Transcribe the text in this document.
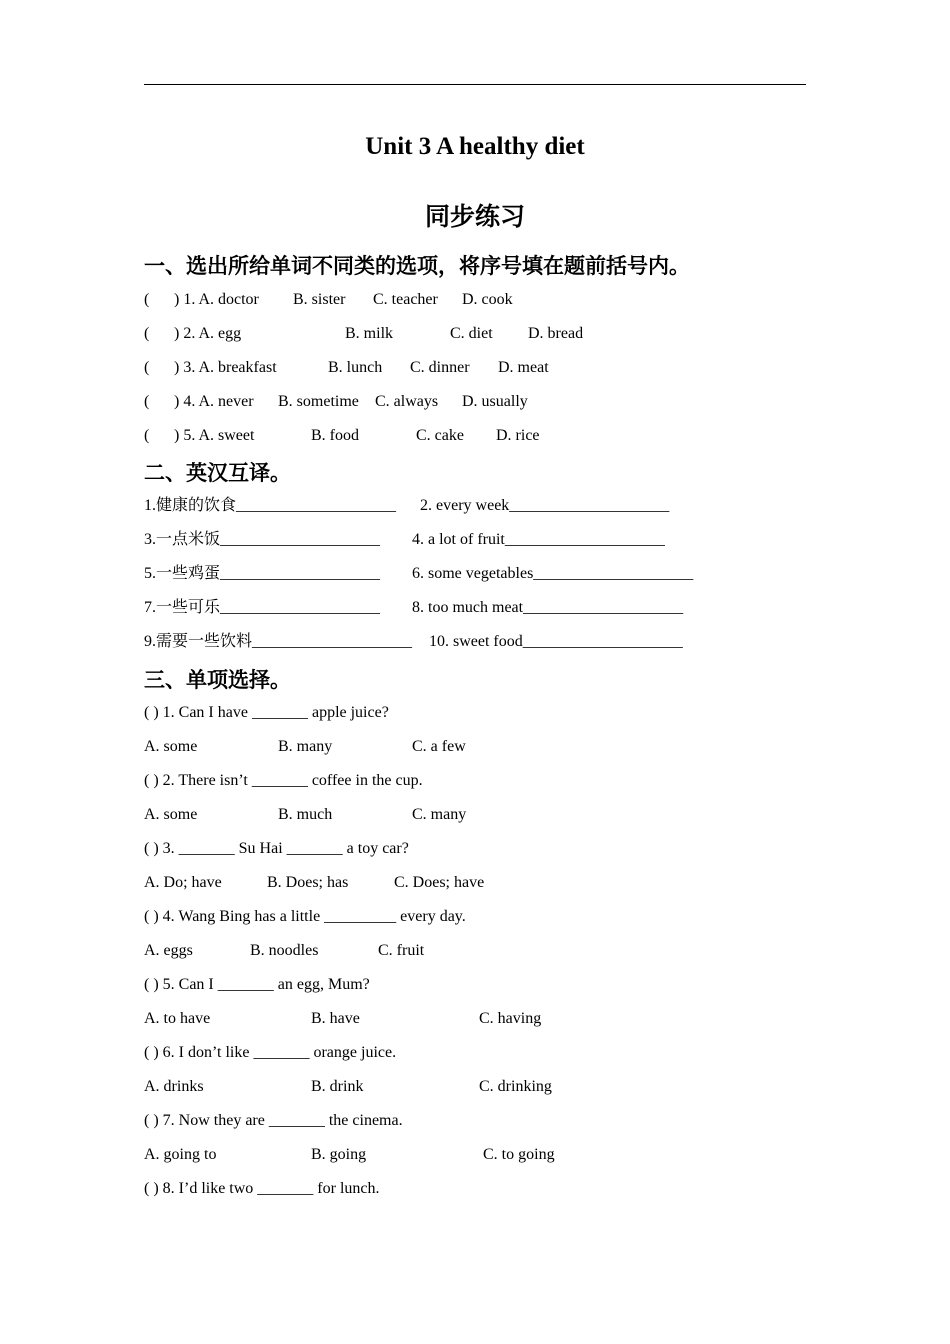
Unit 3 A healthy diet
同步练习
一、选出所给单词不同类的选项，将序号填在题前括号内。
( ) 1. A. doctor B. sister C. teacher D. cook
( ) 2. A. egg	B. milk	C. diet D. bread
( ) 3. A. breakfast	B. lunch C. dinner D. meat
( ) 4. A. never B. sometime C. always D. usually
( ) 5. A. sweet	B. food	C. cake D. rice
二、英汉互译。
1.健康的饮食____________________ 2. every week____________________
3.一点米饭____________________ 4. a lot of fruit____________________
5.一些鸡蛋____________________ 6. some vegetables____________________
7.一些可乐____________________ 8. too much meat____________________
9.需要一些饮料____________________ 10. sweet food____________________
三、单项选择。
( ) 1. Can I have _______ apple juice?
A. some	B. many	C. a few
( ) 2. There isn’t _______ coffee in the cup.
A. some	B. much	C. many
( ) 3. _______ Su Hai _______ a toy car?
A. Do; have	B. Does; has	C. Does; have
( ) 4. Wang Bing has a little _________ every day.
A. eggs	B. noodles	C. fruit
( ) 5. Can I _______ an egg, Mum?
A. to have	B. have	C. having
( ) 6. I don’t like _______ orange juice.
A. drinks	B. drink	C. drinking
( ) 7. Now they are _______ the cinema.
A. going to	B. going	C. to going
( ) 8. I’d like two _______ for lunch.
